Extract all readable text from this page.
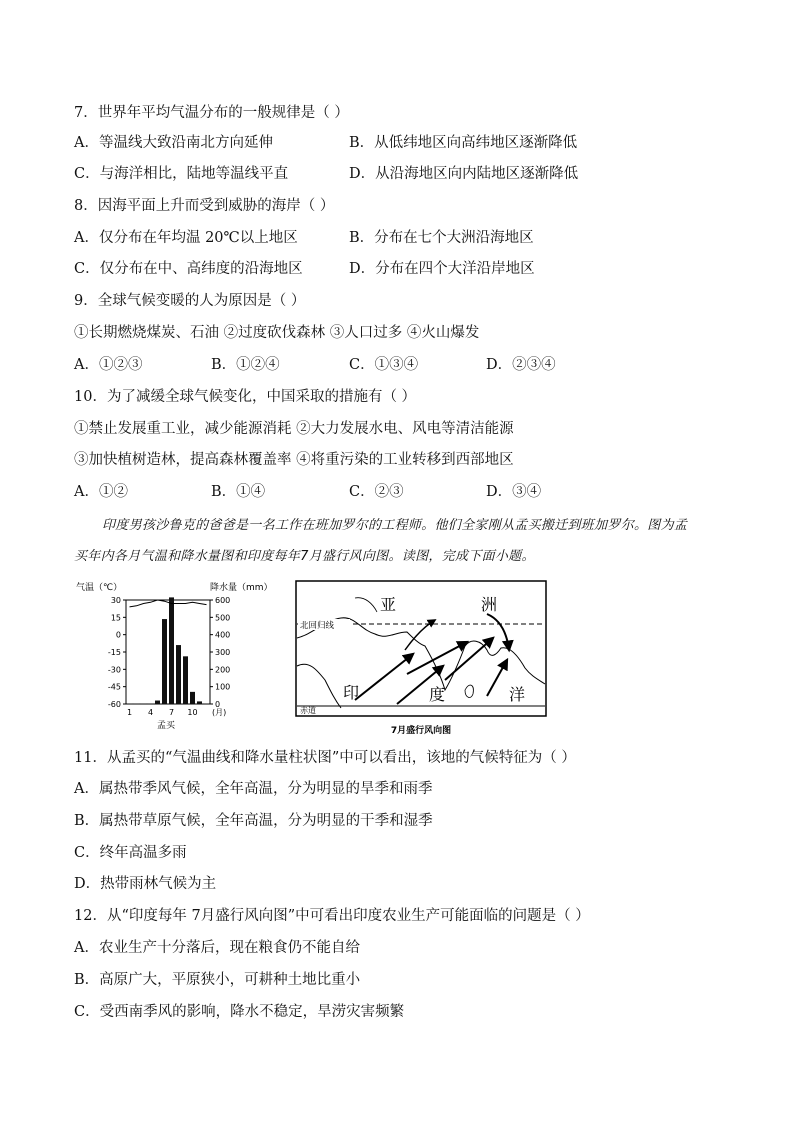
7．世界年平均气温分布的一般规律是（ ）
A．等温线大致沿南北方向延伸	B．从低纬地区向高纬地区逐渐降低
C．与海洋相比，陆地等温线平直	D．从沿海地区向内陆地区逐渐降低
8．因海平面上升而受到威胁的海岸（ ）
A．仅分布在年均温 20℃以上地区	B．分布在七个大洲沿海地区
C．仅分布在中、高纬度的沿海地区	D．分布在四个大洋沿岸地区
9．全球气候变暖的人为原因是（ ）
①长期燃烧煤炭、石油 ②过度砍伐森林 ③人口过多 ④火山爆发
A．①②③	B．①②④	C．①③④	D．②③④
10．为了减缓全球气候变化，中国采取的措施有（ ）
①禁止发展重工业，减少能源消耗 ②大力发展水电、风电等清洁能源
③加快植树造林，提高森林覆盖率 ④将重污染的工业转移到西部地区
A．①②	B．①④	C．②③	D．③④
印度男孩沙鲁克的爸爸是一名工作在班加罗尔的工程师。他们全家刚从孟买搬迁到班加罗尔。图为孟
买年内各月气温和降水量图和印度每年7月盛行风向图。读图，完成下面小题。
气温（℃）	降水量（mm）
30
15
0
-15
-30
-45
-60
600
500
400
300
200
100
0
1 4 7 10 (月)
孟买
北回归线
赤道
亚	洲
印	度	洋
7月盛行风向图
11．从孟买的“气温曲线和降水量柱状图”中可以看出，该地的气候特征为（ ）
A．属热带季风气候，全年高温，分为明显的旱季和雨季
B．属热带草原气候，全年高温，分为明显的干季和湿季
C．终年高温多雨
D．热带雨林气候为主
12．从“印度每年 7月盛行风向图”中可看出印度农业生产可能面临的问题是（ ）
A．农业生产十分落后，现在粮食仍不能自给
B．高原广大，平原狭小，可耕种土地比重小
C．受西南季风的影响，降水不稳定，旱涝灾害频繁
